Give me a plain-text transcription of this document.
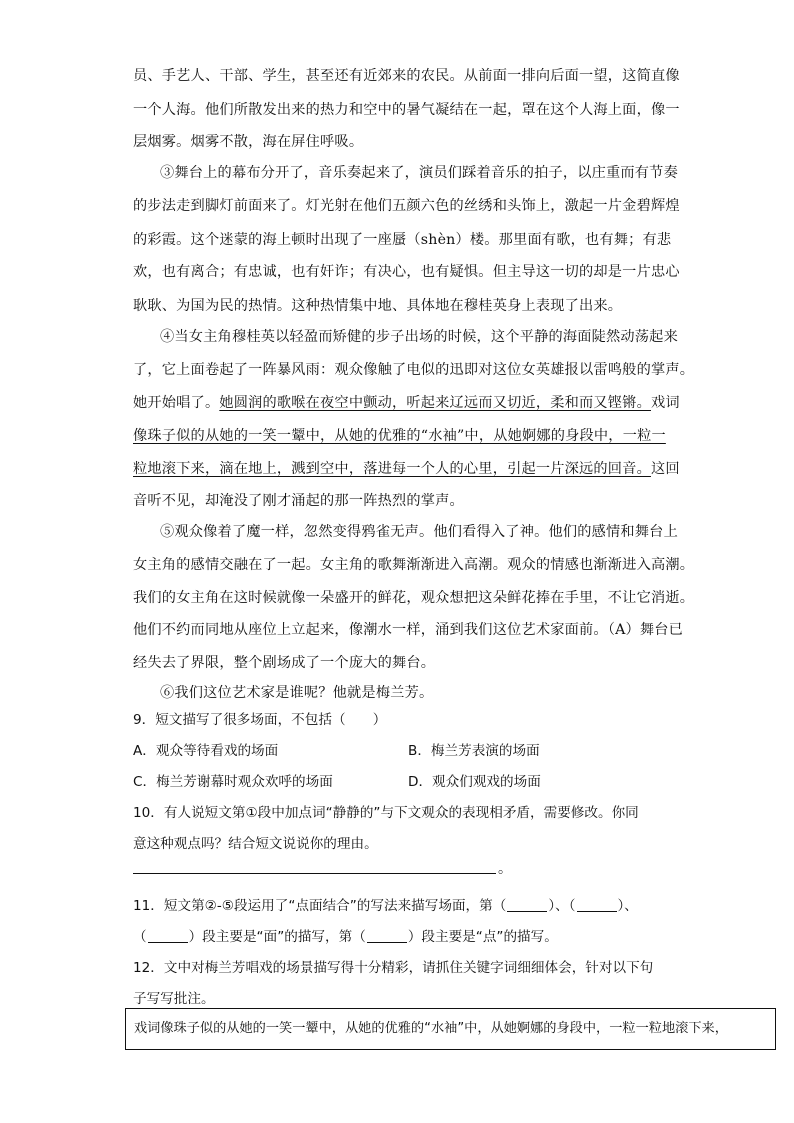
员、手艺人、干部、学生，甚至还有近郊来的农民。从前面一排向后面一望，这简直像
一个人海。他们所散发出来的热力和空中的暑气凝结在一起，罩在这个人海上面，像一
层烟雾。烟雾不散，海在屏住呼吸。
③舞台上的幕布分开了，音乐奏起来了，演员们踩着音乐的拍子，以庄重而有节奏
的步法走到脚灯前面来了。灯光射在他们五颜六色的丝绣和头饰上，激起一片金碧辉煌
的彩霞。这个迷蒙的海上顿时出现了一座蜃（shèn）楼。那里面有歌，也有舞；有悲
欢，也有离合；有忠诚，也有奸诈；有决心，也有疑惧。但主导这一切的却是一片忠心
耿耿、为国为民的热情。这种热情集中地、具体地在穆桂英身上表现了出来。
④当女主角穆桂英以轻盈而矫健的步子出场的时候，这个平静的海面陡然动荡起来
了，它上面卷起了一阵暴风雨：观众像触了电似的迅即对这位女英雄报以雷鸣般的掌声。
她开始唱了。她圆润的歌喉在夜空中颤动，听起来辽远而又切近，柔和而又铿锵。戏词
像珠子似的从她的一笑一颦中，从她的优雅的“水袖”中，从她婀娜的身段中，一粒一
粒地滚下来，滴在地上，溅到空中，落进每一个人的心里，引起一片深远的回音。这回
音听不见，却淹没了刚才涌起的那一阵热烈的掌声。
⑤观众像着了魔一样，忽然变得鸦雀无声。他们看得入了神。他们的感情和舞台上
女主角的感情交融在了一起。女主角的歌舞渐渐进入高潮。观众的情感也渐渐进入高潮。
我们的女主角在这时候就像一朵盛开的鲜花，观众想把这朵鲜花捧在手里，不让它消逝。
他们不约而同地从座位上立起来，像潮水一样，涌到我们这位艺术家面前。（A）舞台已
经失去了界限，整个剧场成了一个庞大的舞台。
⑥我们这位艺术家是谁呢？他就是梅兰芳。
9．短文描写了很多场面，不包括（　　）
A．观众等待看戏的场面	B．梅兰芳表演的场面
C．梅兰芳谢幕时观众欢呼的场面	D．观众们观戏的场面
10．有人说短文第①段中加点词“静静的”与下文观众的表现相矛盾，需要修改。你同
意这种观点吗？结合短文说说你的理由。
。
11．短文第②-⑤段运用了“点面结合”的写法来描写场面，第（	）、（	）、
（	）段主要是“面”的描写，第（	）段主要是“点”的描写。
12．文中对梅兰芳唱戏的场景描写得十分精彩，请抓住关键字词细细体会，针对以下句
子写写批注。
戏词像珠子似的从她的一笑一颦中，从她的优雅的“水袖”中，从她婀娜的身段中，一粒一粒地滚下来，
